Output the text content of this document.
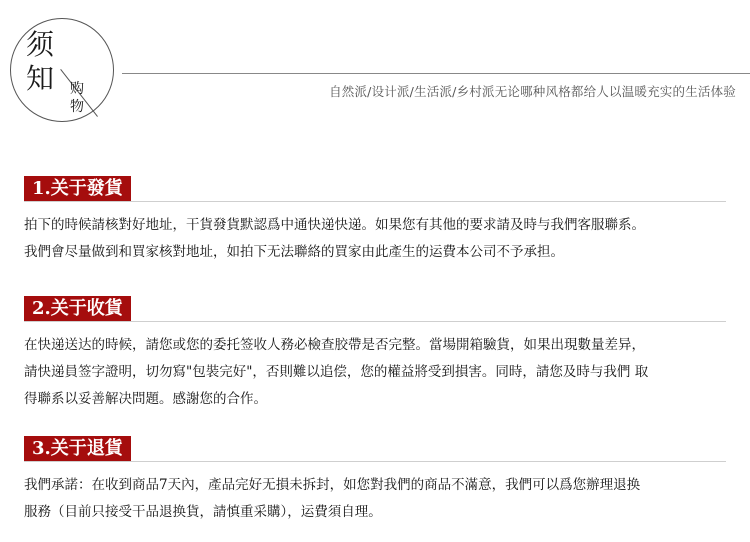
须
知 购
物
自然派/设计派/生活派/乡村派无论哪种风格都给人以温暖充实的生活体验
1.关于發貨
拍下的時候請核對好地址，干貨發貨默認爲中通快递快递。如果您有其他的要求請及時与我們客服聯系。
我們會尽量做到和買家核對地址，如拍下无法聯絡的買家由此產生的运費本公司不予承担。
2.关于收貨
在快递送达的時候，請您或您的委托签收人務必檢查胶帶是否完整。當場開箱驗貨，如果出現數量差异，
請快递員签字證明，切勿寫"包裝完好"，否則難以追偿，您的權益將受到損害。同時，請您及時与我們 取
得聯系以妥善解决問題。感謝您的合作。
3.关于退貨
我們承諾：在收到商品7天內，產品完好无損未拆封，如您對我們的商品不滿意，我們可以爲您辦理退换
服務（目前只接受干品退换貨，請慎重采購），运費須自理。
